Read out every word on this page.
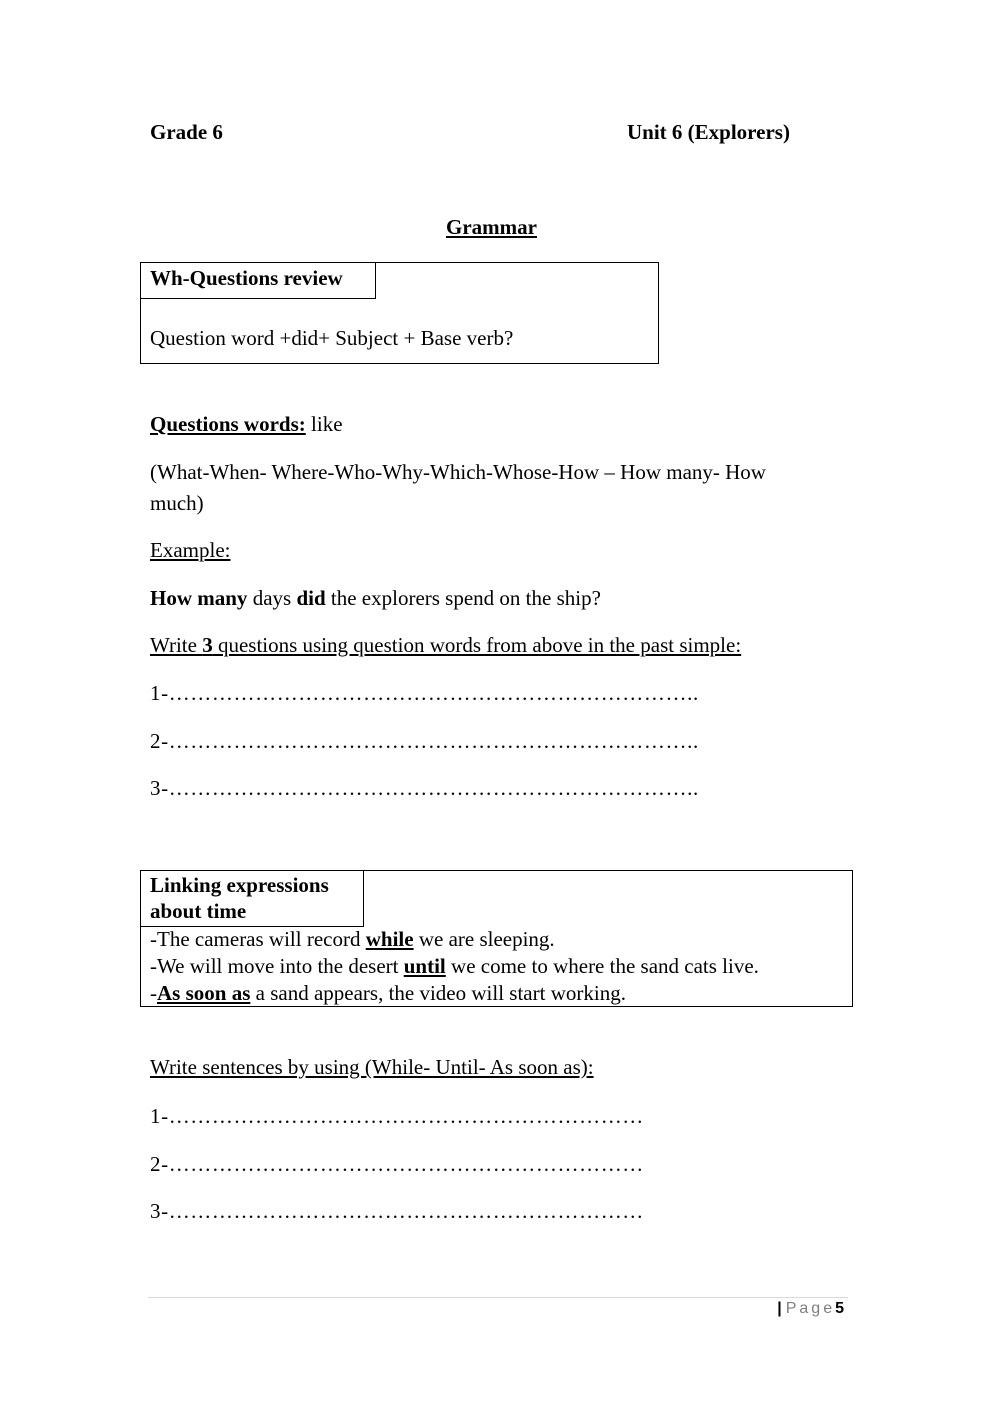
Grade 6	Unit 6 (Explorers)
Grammar
Wh-Questions review
Question word +did+ Subject + Base verb?
Questions words: like
(What-When- Where-Who-Why-Which-Whose-How – How many- How
much)
Example:
How many days did the explorers spend on the ship?
Write 3 questions using question words from above in the past simple:
1-………………………………………………………………..
2-………………………………………………………………..
3-………………………………………………………………..
Linking expressions
about time
-The cameras will record while we are sleeping.
-We will move into the desert until we come to where the sand cats live.
-As soon as a sand appears, the video will start working.
Write sentences by using (While- Until- As soon as):
1-…………………………………………………………
2-…………………………………………………………
3-…………………………………………………………
| Page5
